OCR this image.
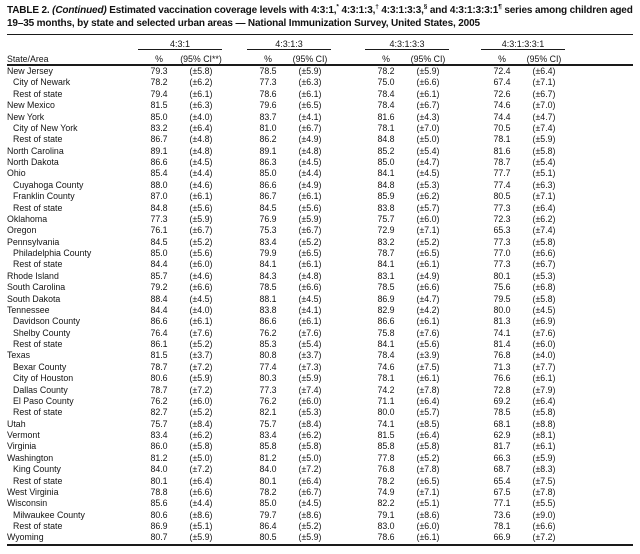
TABLE 2. (Continued) Estimated vaccination coverage levels with 4:3:1,* 4:3:1:3,† 4:3:1:3:3,§ and 4:3:1:3:3:1¶ series among children aged 19–35 months, by state and selected urban areas — National Immunization Survey, United States, 2005
	4:3:1			4:3:1:3			4:3:1:3:3			4:3:1:3:3:1		
State/Area	%	(95% CI**)		%	(95% CI)		%	(95% CI)		%	(95% CI)	
New Jersey	79.3	(±5.8)		78.5	(±5.9)		78.2	(±5.9)		72.4	(±6.4)	
City of Newark	78.2	(±6.2)		77.3	(±6.3)		75.0	(±6.6)		67.4	(±7.1)	
Rest of state	79.4	(±6.1)		78.6	(±6.1)		78.4	(±6.1)		72.6	(±6.7)	
New Mexico	81.5	(±6.3)		79.6	(±6.5)		78.4	(±6.7)		74.6	(±7.0)	
New York	85.0	(±4.0)		83.7	(±4.1)		81.6	(±4.3)		74.4	(±4.7)	
City of New York	83.2	(±6.4)		81.0	(±6.7)		78.1	(±7.0)		70.5	(±7.4)	
Rest of state	86.7	(±4.8)		86.2	(±4.9)		84.8	(±5.0)		78.1	(±5.9)	
North Carolina	89.1	(±4.8)		89.1	(±4.8)		85.2	(±5.4)		81.6	(±5.8)	
North Dakota	86.6	(±4.5)		86.3	(±4.5)		85.0	(±4.7)		78.7	(±5.4)	
Ohio	85.4	(±4.4)		85.0	(±4.4)		84.1	(±4.5)		77.7	(±5.1)	
Cuyahoga County	88.0	(±4.6)		86.6	(±4.9)		84.8	(±5.3)		77.4	(±6.3)	
Franklin County	87.0	(±6.1)		86.7	(±6.1)		85.9	(±6.2)		80.5	(±7.1)	
Rest of state	84.8	(±5.6)		84.5	(±5.6)		83.8	(±5.7)		77.3	(±6.4)	
Oklahoma	77.3	(±5.9)		76.9	(±5.9)		75.7	(±6.0)		72.3	(±6.2)	
Oregon	76.1	(±6.7)		75.3	(±6.7)		72.9	(±7.1)		65.3	(±7.4)	
Pennsylvania	84.5	(±5.2)		83.4	(±5.2)		83.2	(±5.2)		77.3	(±5.8)	
Philadelphia County	85.0	(±5.6)		79.9	(±6.5)		78.7	(±6.5)		77.0	(±6.6)	
Rest of state	84.4	(±6.0)		84.1	(±6.1)		84.1	(±6.1)		77.3	(±6.7)	
Rhode Island	85.7	(±4.6)		84.3	(±4.8)		83.1	(±4.9)		80.1	(±5.3)	
South Carolina	79.2	(±6.6)		78.5	(±6.6)		78.5	(±6.6)		75.6	(±6.8)	
South Dakota	88.4	(±4.5)		88.1	(±4.5)		86.9	(±4.7)		79.5	(±5.8)	
Tennessee	84.4	(±4.0)		83.8	(±4.1)		82.9	(±4.2)		80.0	(±4.5)	
Davidson County	86.6	(±6.1)		86.6	(±6.1)		86.6	(±6.1)		81.3	(±6.9)	
Shelby County	76.4	(±7.6)		76.2	(±7.6)		75.8	(±7.6)		74.1	(±7.6)	
Rest of state	86.1	(±5.2)		85.3	(±5.4)		84.1	(±5.6)		81.4	(±6.0)	
Texas	81.5	(±3.7)		80.8	(±3.7)		78.4	(±3.9)		76.8	(±4.0)	
Bexar County	78.7	(±7.2)		77.4	(±7.3)		74.6	(±7.5)		71.3	(±7.7)	
City of Houston	80.6	(±5.9)		80.3	(±5.9)		78.1	(±6.1)		76.6	(±6.1)	
Dallas County	78.7	(±7.2)		77.3	(±7.4)		74.2	(±7.8)		72.8	(±7.9)	
El Paso County	76.2	(±6.0)		76.2	(±6.0)		71.1	(±6.4)		69.2	(±6.4)	
Rest of state	82.7	(±5.2)		82.1	(±5.3)		80.0	(±5.7)		78.5	(±5.8)	
Utah	75.7	(±8.4)		75.7	(±8.4)		74.1	(±8.5)		68.1	(±8.8)	
Vermont	83.4	(±6.2)		83.4	(±6.2)		81.5	(±6.4)		62.9	(±8.1)	
Virginia	86.0	(±5.8)		85.8	(±5.8)		85.8	(±5.8)		81.7	(±6.1)	
Washington	81.2	(±5.0)		81.2	(±5.0)		77.8	(±5.2)		66.3	(±5.9)	
King County	84.0	(±7.2)		84.0	(±7.2)		76.8	(±7.8)		68.7	(±8.3)	
Rest of state	80.1	(±6.4)		80.1	(±6.4)		78.2	(±6.5)		65.4	(±7.5)	
West Virginia	78.8	(±6.6)		78.2	(±6.7)		74.9	(±7.1)		67.5	(±7.8)	
Wisconsin	85.6	(±4.4)		85.0	(±4.5)		82.2	(±5.1)		77.1	(±5.5)	
Milwaukee County	80.6	(±8.6)		79.7	(±8.6)		79.1	(±8.6)		73.6	(±9.0)	
Rest of state	86.9	(±5.1)		86.4	(±5.2)		83.0	(±6.0)		78.1	(±6.6)	
Wyoming	80.7	(±5.9)		80.5	(±5.9)		78.6	(±6.1)		66.9	(±7.2)	
